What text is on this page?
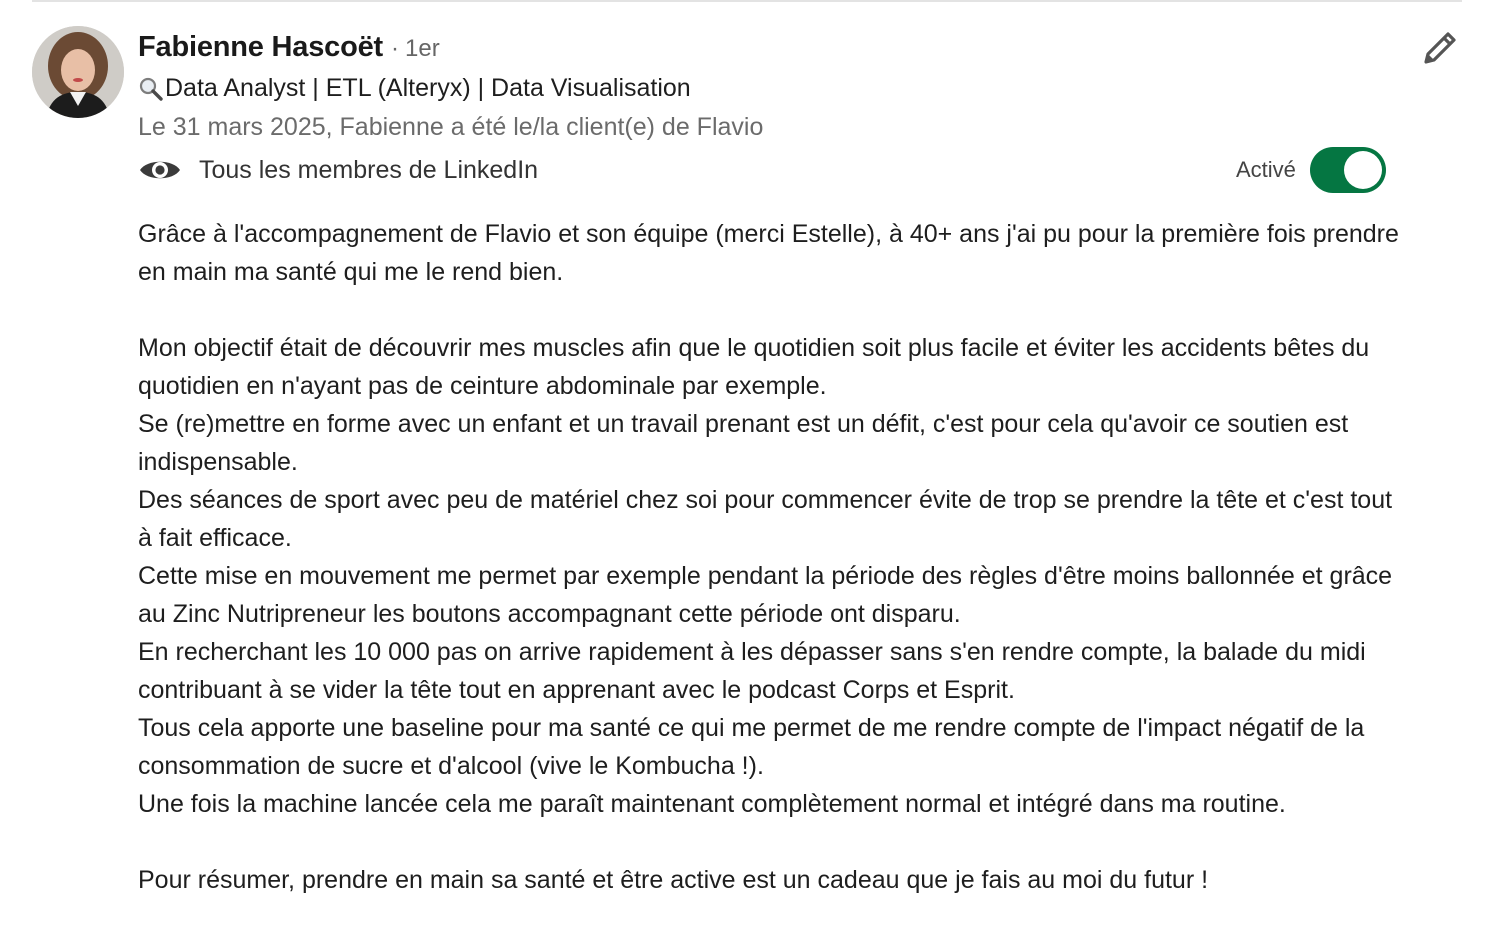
Fabienne Hascoët · 1er
Data Analyst | ETL (Alteryx) | Data Visualisation
Le 31 mars 2025, Fabienne a été le/la client(e) de Flavio
Tous les membres de LinkedIn	Activé

Grâce à l'accompagnement de Flavio et son équipe (merci Estelle), à 40+ ans j'ai pu pour la première fois prendre en main ma santé qui me le rend bien.

Mon objectif était de découvrir mes muscles afin que le quotidien soit plus facile et éviter les accidents bêtes du quotidien en n'ayant pas de ceinture abdominale par exemple.

Se (re)mettre en forme avec un enfant et un travail prenant est un défit, c'est pour cela qu'avoir ce soutien est indispensable.

Des séances de sport avec peu de matériel chez soi pour commencer évite de trop se prendre la tête et c'est tout à fait efficace.

Cette mise en mouvement me permet par exemple pendant la période des règles d'être moins ballonnée et grâce au Zinc Nutripreneur les boutons accompagnant cette période ont disparu.

En recherchant les 10 000 pas on arrive rapidement à les dépasser sans s'en rendre compte, la balade du midi contribuant à se vider la tête tout en apprenant avec le podcast Corps et Esprit.

Tous cela apporte une baseline pour ma santé ce qui me permet de me rendre compte de l'impact négatif de la consommation de sucre et d'alcool (vive le Kombucha !).

Une fois la machine lancée cela me paraît maintenant complètement normal et intégré dans ma routine.

Pour résumer, prendre en main sa santé et être active est un cadeau que je fais au moi du futur !
